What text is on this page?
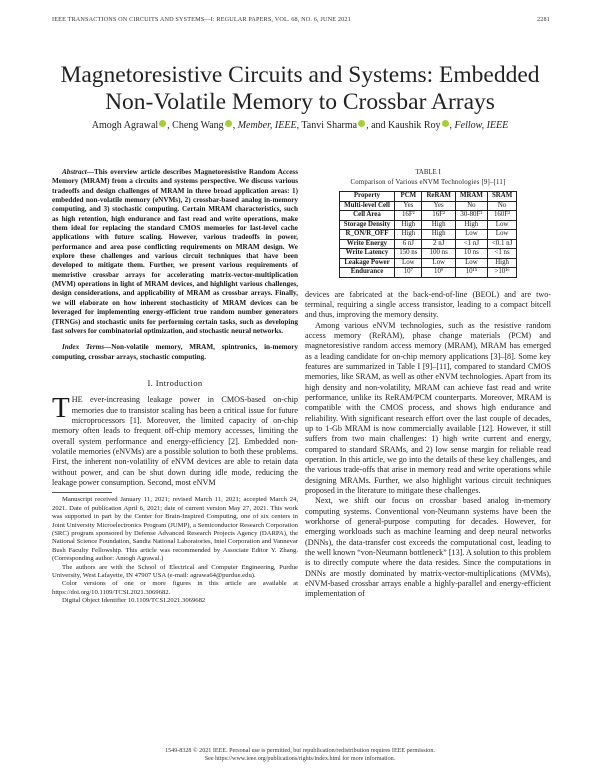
IEEE TRANSACTIONS ON CIRCUITS AND SYSTEMS—I: REGULAR PAPERS, VOL. 68, NO. 6, JUNE 2021	2281
Magnetoresistive Circuits and Systems: Embedded
Non-Volatile Memory to Crossbar Arrays
Amogh Agrawal , Cheng Wang , Member, IEEE, Tanvi Sharma , and Kaushik Roy , Fellow, IEEE
Abstract—This overview article describes Magnetoresistive Random Access Memory (MRAM) from a circuits and systems perspective. We discuss various tradeoffs and design challenges of MRAM in three broad application areas: 1) embedded non-volatile memory (eNVMs), 2) crossbar-based analog in-memory computing, and 3) stochastic computing. Certain MRAM characteristics, such as high retention, high endurance and fast read and write operations, make them ideal for replacing the standard CMOS memories for last-level cache applications with future scaling. However, various tradeoffs in power, performance and area pose conflicting requirements on MRAM design. We explore these challenges and various circuit techniques that have been developed to mitigate them. Further, we present various requirements of memristive crossbar arrays for accelerating matrix-vector-multiplication (MVM) operations in light of MRAM devices, and highlight various challenges, design considerations, and applicability of MRAM as crossbar arrays. Finally, we will elaborate on how inherent stochasticity of MRAM devices can be leveraged for implementing energy-efficient true random number generators (TRNGs) and stochastic units for performing certain tasks, such as developing fast solvers for combinatorial optimization, and stochastic neural networks.
Index Terms—Non-volatile memory, MRAM, spintronics, in-memory computing, crossbar arrays, stochastic computing.
I. Introduction

THE ever-increasing leakage power in CMOS-based on-chip memories due to transistor scaling has been a critical issue for future microprocessors [1]. Moreover, the limited capacity of on-chip memory often leads to frequent off-chip memory accesses, limiting the overall system performance and energy-efficiency [2]. Embedded non-volatile memories (eNVMs) are a possible solution to both these problems. First, the inherent non-volatility of eNVM devices are able to retain data without power, and can be shut down during idle mode, reducing the leakage power consumption. Second, most eNVM

Manuscript received January 11, 2021; revised March 11, 2021; accepted March 24, 2021. Date of publication April 6, 2021; date of current version May 27, 2021. This work was supported in part by the Center for Brain-Inspired Computing, one of six centers in Joint University Microelectronics Program (JUMP), a Semiconductor Research Corporation (SRC) program sponsored by Defense Advanced Research Projects Agency (DARPA), the National Science Foundation, Sandia National Laboratories, Intel Corporation and Vannevar Bush Faculty Fellowship. This article was recommended by Associate Editor Y. Zhang. (Corresponding author: Amogh Agrawal.)

The authors are with the School of Electrical and Computer Engineering, Purdue University, West Lafayette, IN 47907 USA (e-mail: agrawa64@purdue.edu).

Color versions of one or more figures in this article are available at https://doi.org/10.1109/TCSI.2021.3069682.

Digital Object Identifier 10.1109/TCSI.2021.3069682

TABLE I
Comparison of Various eNVM Technologies [9]–[11]
Property	PCM	ReRAM	MRAM	SRAM
Multi-level Cell	Yes	Yes	No	No
Cell Area	16F²	16F²	30-80F²	160F²
Storage Density	High	High	High	Low
R_ON/R_OFF	High	High	Low	Low
Write Energy	6 nJ	2 nJ	<1 nJ	<0.1 nJ
Write Latency	150 ns	100 ns	10 ns	<1 ns
Leakage Power	Low	Low	Low	High
Endurance	10⁷	10⁹	10¹⁵	>10¹⁶

devices are fabricated at the back-end-of-line (BEOL) and are two-terminal, requiring a single access transistor, leading to a compact bitcell and thus, improving the memory density.

Among various eNVM technologies, such as the resistive random access memory (ReRAM), phase change materials (PCM) and magnetoresistive random access memory (MRAM), MRAM has emerged as a leading candidate for on-chip memory applications [3]–[8]. Some key features are summarized in Table I [9]–[11], compared to standard CMOS memories, like SRAM, as well as other eNVM technologies. Apart from its high density and non-volatility, MRAM can achieve fast read and write performance, unlike its ReRAM/PCM counterparts. Moreover, MRAM is compatible with the CMOS process, and shows high endurance and reliability. With significant research effort over the last couple of decades, up to 1-Gb MRAM is now commercially available [12]. However, it still suffers from two main challenges: 1) high write current and energy, compared to standard SRAMs, and 2) low sense margin for reliable read operation. In this article, we go into the details of these key challenges, and the various trade-offs that arise in memory read and write operations while designing MRAMs. Further, we also highlight various circuit techniques proposed in the literature to mitigate these challenges.

Next, we shift our focus on crossbar based analog in-memory computing systems. Conventional von-Neumann systems have been the workhorse of general-purpose computing for decades. However, for emerging workloads such as machine learning and deep neural networks (DNNs), the data-transfer cost exceeds the computational cost, leading to the well known “von-Neumann bottleneck” [13]. A solution to this problem is to directly compute where the data resides. Since the computations in DNNs are mostly dominated by matrix-vector-multiplications (MVMs), eNVM-based crossbar arrays enable a highly-parallel and energy-efficient implementation of

1549-8328 © 2021 IEEE. Personal use is permitted, but republication/redistribution requires IEEE permission.
See https://www.ieee.org/publications/rights/index.html for more information.
